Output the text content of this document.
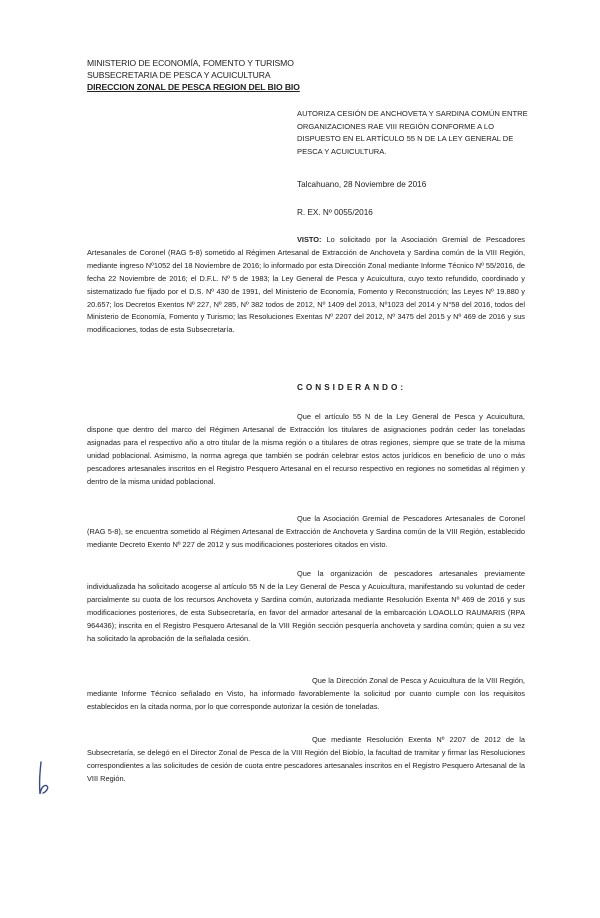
MINISTERIO DE ECONOMÍA, FOMENTO Y TURISMO
SUBSECRETARIA DE PESCA Y ACUICULTURA
DIRECCION ZONAL DE PESCA REGION DEL BIO BIO
AUTORIZA CESIÓN DE ANCHOVETA Y SARDINA COMÚN ENTRE ORGANIZACIONES RAE VIII REGIÓN CONFORME A LO DISPUESTO EN EL ARTÍCULO 55 N DE LA LEY GENERAL DE PESCA Y ACUICULTURA.
Talcahuano, 28 Noviembre de 2016
R. EX. Nº 0055/2016
VISTO: Lo solicitado por la Asociación Gremial de Pescadores Artesanales de Coronel (RAG 5-8) sometido al Régimen Artesanal de Extracción de Anchoveta y Sardina común de la VIII Región, mediante ingreso Nº1052 del 18 Noviembre de 2016; lo informado por esta Dirección Zonal mediante Informe Técnico Nº 55/2016, de fecha 22 Noviembre de 2016; el D.F.L. Nº 5 de 1983; la Ley General de Pesca y Acuicultura, cuyo texto refundido, coordinado y sistematizado fue fijado por el D.S. Nº 430 de 1991, del Ministerio de Economía, Fomento y Reconstrucción; las Leyes Nº 19.880 y 20.657; los Decretos Exentos Nº 227, Nº 285, Nº 382 todos de 2012, Nº 1409 del 2013, Nº1023 del 2014 y N°58 del 2016, todos del Ministerio de Economía, Fomento y Turismo; las Resoluciones Exentas Nº 2207 del 2012, Nº 3475 del 2015 y Nº 469 de 2016 y sus modificaciones, todas de esta Subsecretaría.
CONSIDERANDO:
Que el artículo 55 N de la Ley General de Pesca y Acuicultura, dispone que dentro del marco del Régimen Artesanal de Extracción los titulares de asignaciones podrán ceder las toneladas asignadas para el respectivo año a otro titular de la misma región o a titulares de otras regiones, siempre que se trate de la misma unidad poblacional. Asimismo, la norma agrega que también se podrán celebrar estos actos jurídicos en beneficio de uno o más pescadores artesanales inscritos en el Registro Pesquero Artesanal en el recurso respectivo en regiones no sometidas al régimen y dentro de la misma unidad poblacional.
Que la Asociación Gremial de Pescadores Artesanales de Coronel (RAG 5-8), se encuentra sometido al Régimen Artesanal de Extracción de Anchoveta y Sardina común de la VIII Región, establecido mediante Decreto Exento Nº 227 de 2012 y sus modificaciones posteriores citados en visto.
Que la organización de pescadores artesanales previamente individualizada ha solicitado acogerse al artículo 55 N de la Ley General de Pesca y Acuicultura, manifestando su voluntad de ceder parcialmente su cuota de los recursos Anchoveta y Sardina común, autorizada mediante Resolución Exenta Nº 469 de 2016 y sus modificaciones posteriores, de esta Subsecretaría, en favor del armador artesanal de la embarcación LOAOLLO RAUMARIS (RPA 964436); inscrita en el Registro Pesquero Artesanal de la VIII Región sección pesquería anchoveta y sardina común; quien a su vez ha solicitado la aprobación de la señalada cesión.
Que la Dirección Zonal de Pesca y Acuicultura de la VIII Región, mediante Informe Técnico señalado en Visto, ha informado favorablemente la solicitud por cuanto cumple con los requisitos establecidos en la citada norma, por lo que corresponde autorizar la cesión de toneladas.
Que mediante Resolución Exenta Nº 2207 de 2012 de la Subsecretaría, se delegó en el Director Zonal de Pesca de la VIII Región del Biobío, la facultad de tramitar y firmar las Resoluciones correspondientes a las solicitudes de cesión de cuota entre pescadores artesanales inscritos en el Registro Pesquero Artesanal de la VIII Región.
